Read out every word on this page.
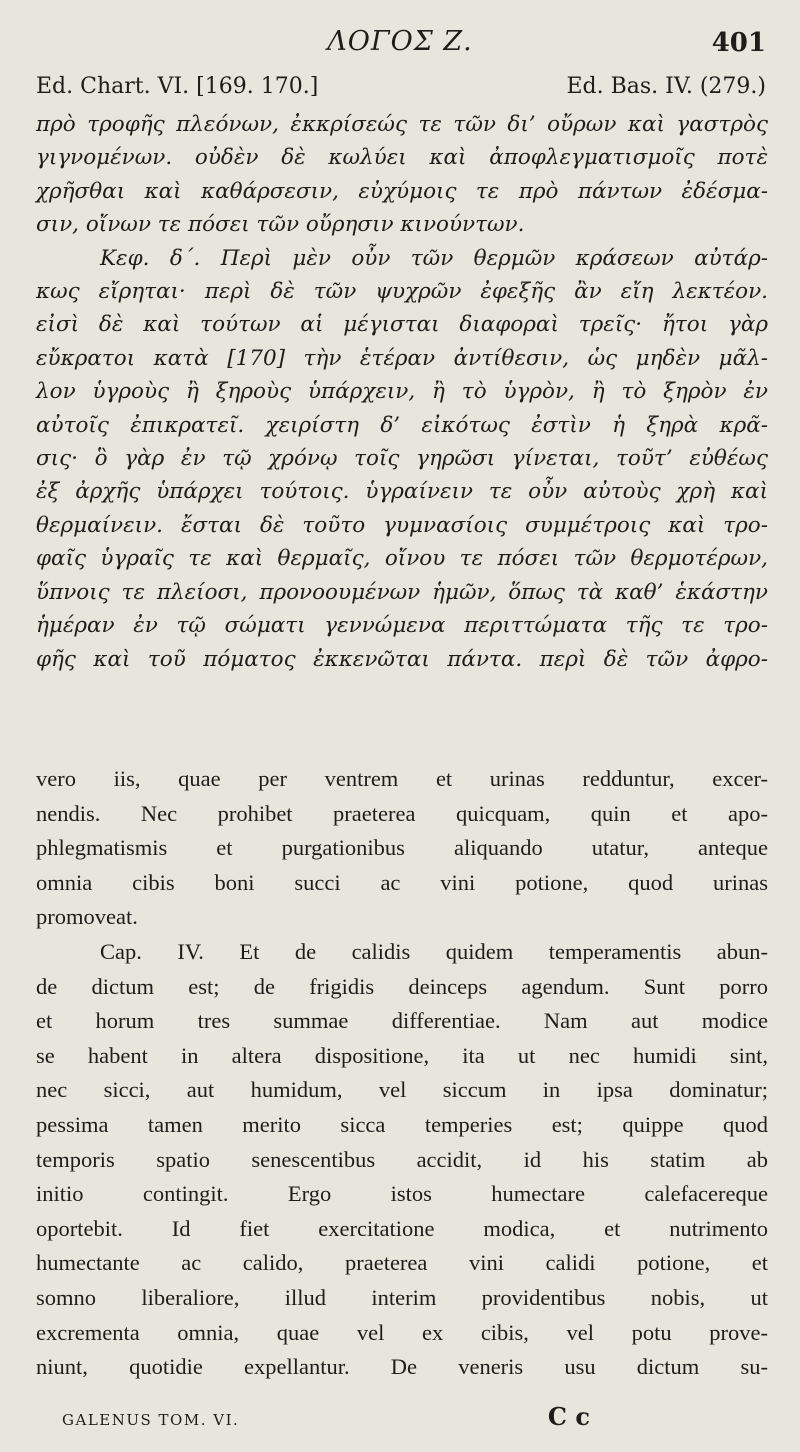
ΛΟΓΟΣ Ζ.	401
Ed. Chart. VI. [169. 170.]	Ed. Bas. IV. (279.)
πρὸ τροφῆς πλεόνων, ἐκκρίσεώς τε τῶν δι’ οὔρων καὶ γαστρὸς
γιγνομένων. οὐδὲν δὲ κωλύει καὶ ἀποφλεγματισμοῖς ποτὲ
χρῆσθαι καὶ καθάρσεσιν, εὐχύμοις τε πρὸ πάντων ἐδέσμα-
σιν, οἴνων τε πόσει τῶν οὔρησιν κινούντων.
Κεφ. δ΄. Περὶ μὲν οὖν τῶν θερμῶν κράσεων αὐτάρ-
κως εἴρηται· περὶ δὲ τῶν ψυχρῶν ἐφεξῆς ἂν εἴη λεκτέον.
εἰσὶ δὲ καὶ τούτων αἱ μέγισται διαφοραὶ τρεῖς· ἤτοι γὰρ
εὔκρατοι κατὰ [170] τὴν ἑτέραν ἀντίθεσιν, ὡς μηδὲν μᾶλ-
λον ὑγροὺς ἢ ξηροὺς ὑπάρχειν, ἢ τὸ ὑγρὸν, ἢ τὸ ξηρὸν ἐν
αὐτοῖς ἐπικρατεῖ. χειρίστη δ’ εἰκότως ἐστὶν ἡ ξηρὰ κρᾶ-
σις· ὃ γὰρ ἐν τῷ χρόνῳ τοῖς γηρῶσι γίνεται, τοῦτ’ εὐθέως
ἐξ ἀρχῆς ὑπάρχει τούτοις. ὑγραίνειν τε οὖν αὐτοὺς χρὴ καὶ
θερμαίνειν. ἔσται δὲ τοῦτο γυμνασίοις συμμέτροις καὶ τρο-
φαῖς ὑγραῖς τε καὶ θερμαῖς, οἴνου τε πόσει τῶν θερμοτέρων,
ὕπνοις τε πλείοσι, προνοουμένων ἡμῶν, ὅπως τὰ καθ’ ἑκάστην
ἡμέραν ἐν τῷ σώματι γεννώμενα περιττώματα τῆς τε τρο-
φῆς καὶ τοῦ πόματος ἐκκενῶται πάντα. περὶ δὲ τῶν ἀφρο-
vero iis, quae per ventrem et urinas redduntur, excer-
nendis. Nec prohibet praeterea quicquam, quin et apo-
phlegmatismis et purgationibus aliquando utatur, anteque
omnia cibis boni succi ac vini potione, quod urinas
promoveat.
Cap. IV. Et de calidis quidem temperamentis abun-
de dictum est; de frigidis deinceps agendum. Sunt porro
et horum tres summae differentiae. Nam aut modice
se habent in altera dispositione, ita ut nec humidi sint,
nec sicci, aut humidum, vel siccum in ipsa dominatur;
pessima tamen merito sicca temperies est; quippe quod
temporis spatio senescentibus accidit, id his statim ab
initio contingit. Ergo istos humectare calefacereque
oportebit. Id fiet exercitatione modica, et nutrimento
humectante ac calido, praeterea vini calidi potione, et
somno liberaliore, illud interim providentibus nobis, ut
excrementa omnia, quae vel ex cibis, vel potu prove-
niunt, quotidie expellantur. De veneris usu dictum su-
GALENUS TOM. VI.	C c
